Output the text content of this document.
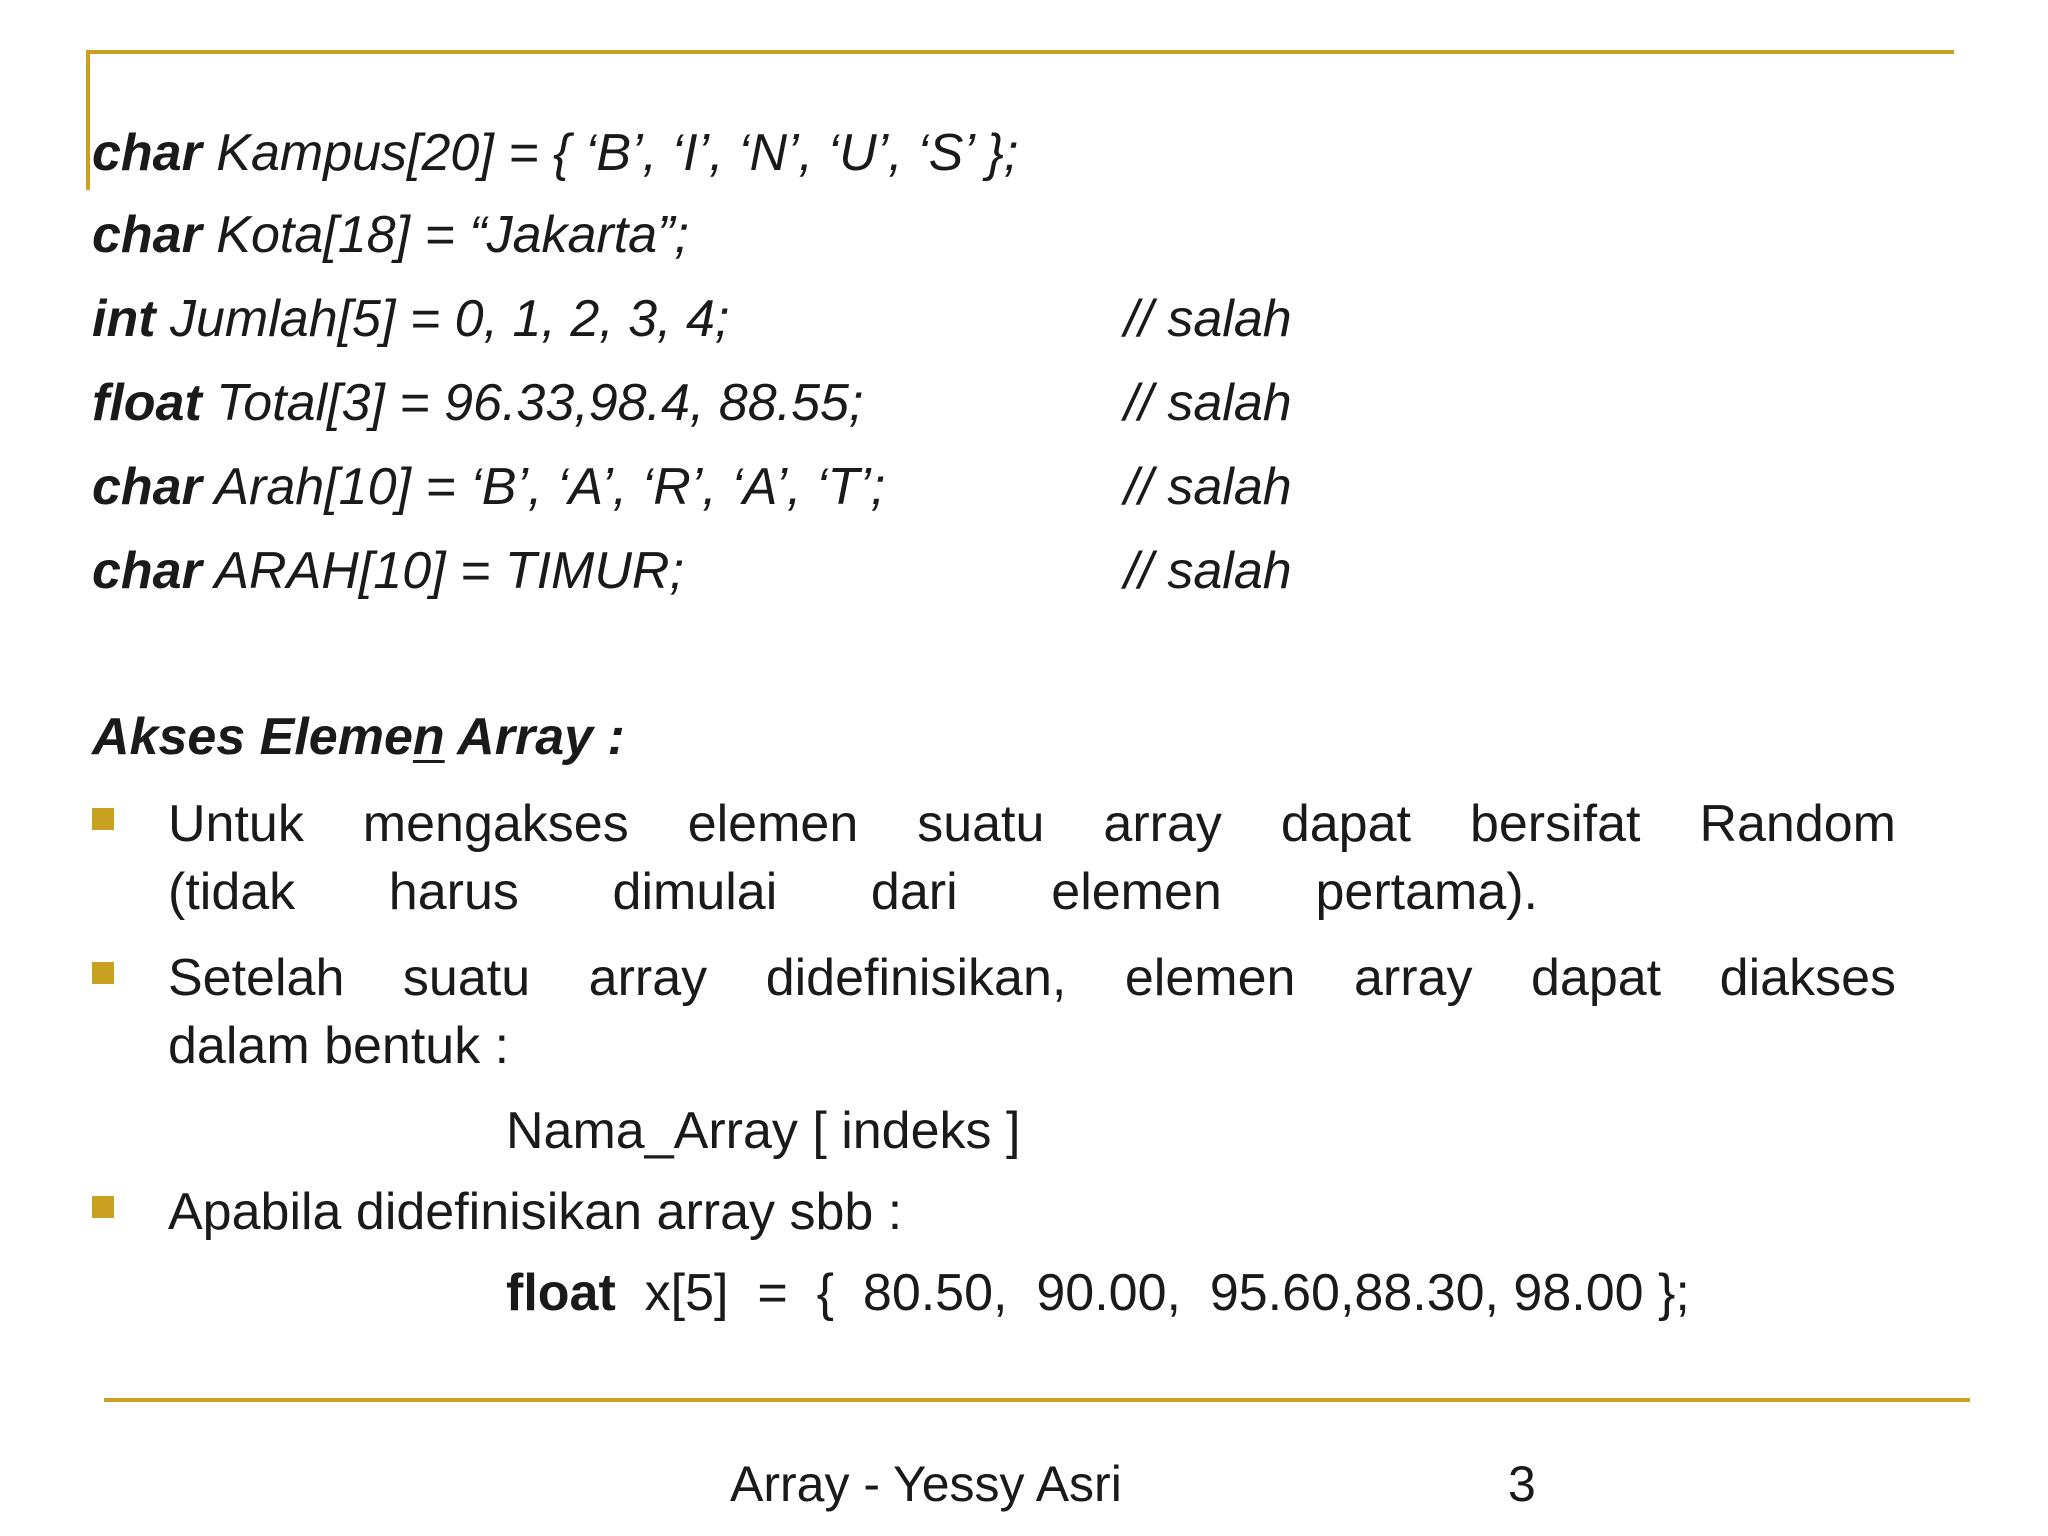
char Kampus[20] = { ‘B’, ‘I’, ‘N’, ‘U’, ‘S’ };
char Kota[18] = “Jakarta”;
int Jumlah[5] = 0, 1, 2, 3, 4;	// salah
float Total[3] = 96.33,98.4, 88.55;	// salah
char Arah[10] = ‘B’, ‘A’, ‘R’, ‘A’, ‘T’;	// salah
char ARAH[10] = TIMUR;	// salah
Akses Elemen Array :
Untuk mengakses elemen suatu array dapat bersifat Random
(tidak harus dimulai dari elemen pertama).
Setelah suatu array didefinisikan, elemen array dapat diakses
dalam bentuk :
Nama_Array [ indeks ]
Apabila didefinisikan array sbb :
float  x[5]  =  {  80.50,  90.00,  95.60,88.30, 98.00 };
Array - Yessy Asri	3
